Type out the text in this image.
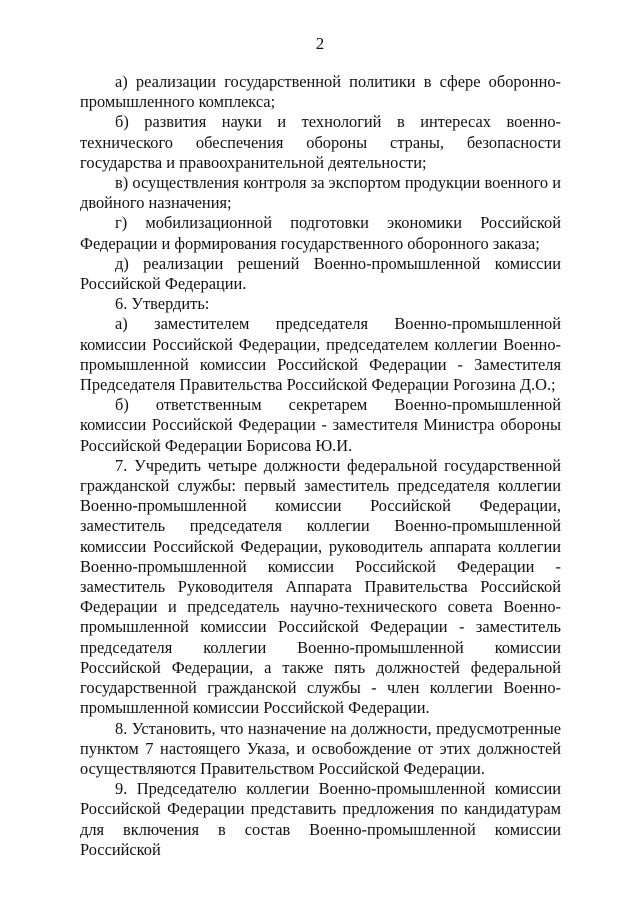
2

а) реализации государственной политики в сфере оборонно-промышленного комплекса;

б) развития науки и технологий в интересах военно-технического обеспечения обороны страны, безопасности государства и правоохранительной деятельности;

в) осуществления контроля за экспортом продукции военного и двойного назначения;

г) мобилизационной подготовки экономики Российской Федерации и формирования государственного оборонного заказа;

д) реализации решений Военно-промышленной комиссии Российской Федерации.

6. Утвердить:

а) заместителем председателя Военно-промышленной комиссии Российской Федерации, председателем коллегии Военно-промышленной комиссии Российской Федерации - Заместителя Председателя Правительства Российской Федерации Рогозина Д.О.;

б) ответственным секретарем Военно-промышленной комиссии Российской Федерации - заместителя Министра обороны Российской Федерации Борисова Ю.И.

7. Учредить четыре должности федеральной государственной гражданской службы: первый заместитель председателя коллегии Военно-промышленной комиссии Российской Федерации, заместитель председателя коллегии Военно-промышленной комиссии Российской Федерации, руководитель аппарата коллегии Военно-промышленной комиссии Российской Федерации - заместитель Руководителя Аппарата Правительства Российской Федерации и председатель научно-технического совета Военно-промышленной комиссии Российской Федерации - заместитель председателя коллегии Военно-промышленной комиссии Российской Федерации, а также пять должностей федеральной государственной гражданской службы - член коллегии Военно-промышленной комиссии Российской Федерации.

8. Установить, что назначение на должности, предусмотренные пунктом 7 настоящего Указа, и освобождение от этих должностей осуществляются Правительством Российской Федерации.

9. Председателю коллегии Военно-промышленной комиссии Российской Федерации представить предложения по кандидатурам для включения в состав Военно-промышленной комиссии Российской
